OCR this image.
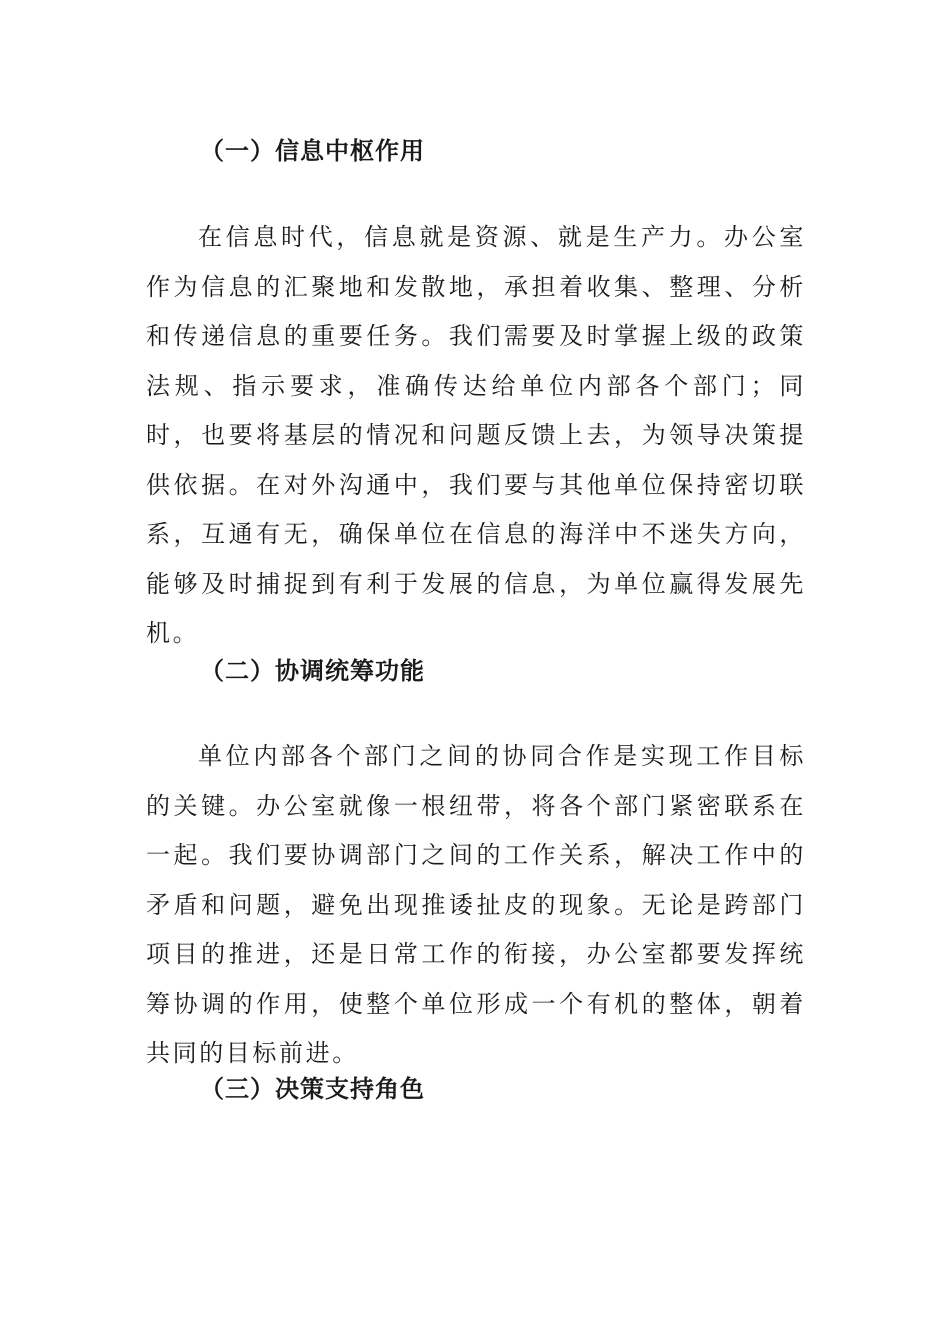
（一）信息中枢作用

在信息时代，信息就是资源、就是生产力。办公室作为信息的汇聚地和发散地，承担着收集、整理、分析和传递信息的重要任务。我们需要及时掌握上级的政策法规、指示要求，准确传达给单位内部各个部门；同时，也要将基层的情况和问题反馈上去，为领导决策提供依据。在对外沟通中，我们要与其他单位保持密切联系，互通有无，确保单位在信息的海洋中不迷失方向，能够及时捕捉到有利于发展的信息，为单位赢得发展先机。

（二）协调统筹功能

单位内部各个部门之间的协同合作是实现工作目标的关键。办公室就像一根纽带，将各个部门紧密联系在一起。我们要协调部门之间的工作关系，解决工作中的矛盾和问题，避免出现推诿扯皮的现象。无论是跨部门项目的推进，还是日常工作的衔接，办公室都要发挥统筹协调的作用，使整个单位形成一个有机的整体，朝着共同的目标前进。

（三）决策支持角色
